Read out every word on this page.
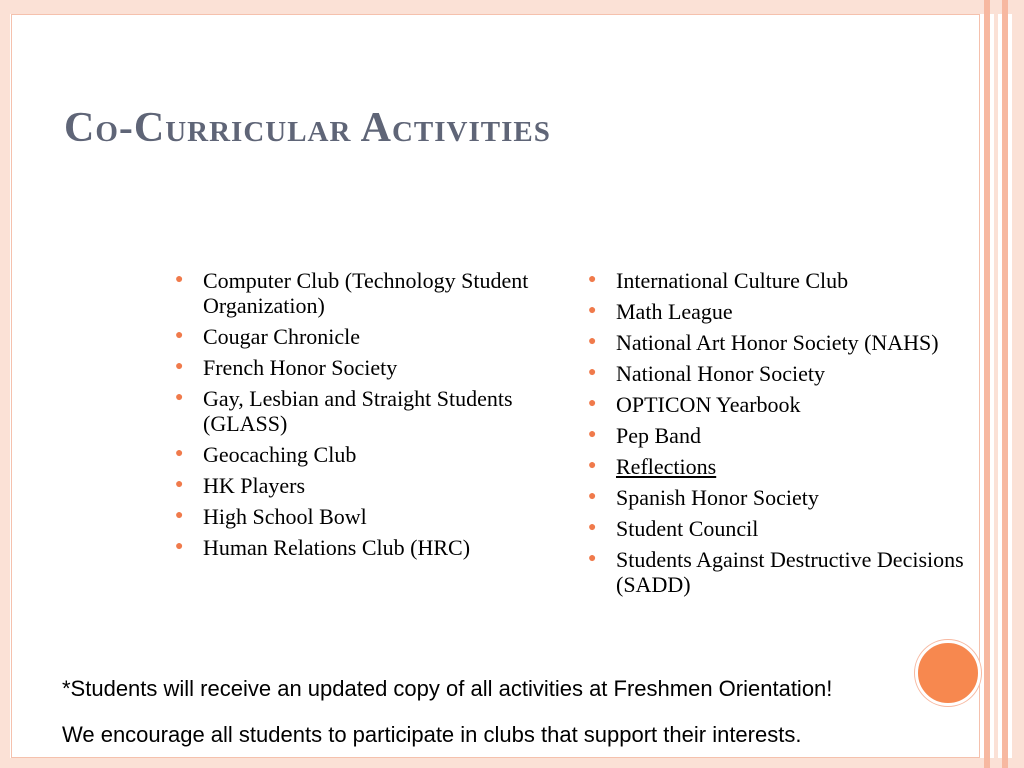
Co-Curricular Activities
● Computer Club (Technology Student Organization)
● Cougar Chronicle
● French Honor Society
● Gay, Lesbian and Straight Students (GLASS)
● Geocaching Club
● HK Players
● High School Bowl
● Human Relations Club (HRC)
● International Culture Club
● Math League
● National Art Honor Society (NAHS)
● National Honor Society
● OPTICON Yearbook
● Pep Band
● Reflections
● Spanish Honor Society
● Student Council
● Students Against Destructive Decisions (SADD)

*Students will receive an updated copy of all activities at Freshmen Orientation!

We encourage all students to participate in clubs that support their interests.
